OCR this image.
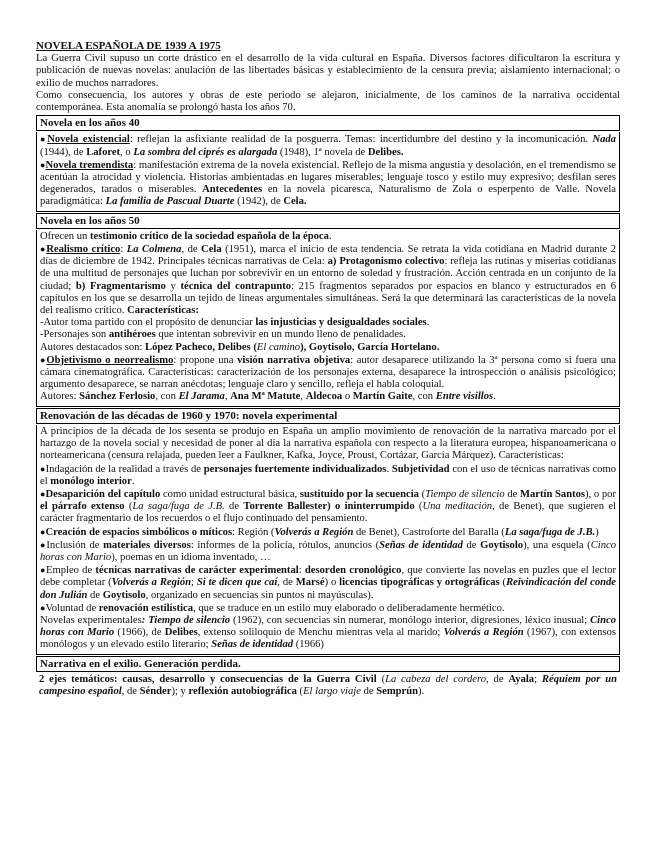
NOVELA ESPAÑOLA DE 1939 A 1975

La Guerra Civil supuso un corte drástico en el desarrollo de la vida cultural en España. Diversos factores dificultaron la escritura y publicación de nuevas novelas: anulación de las libertades básicas y establecimiento de la censura previa; aislamiento internacional; o exilio de muchos narradores.

Como consecuencia, los autores y obras de este periodo se alejaron, inicialmente, de los caminos de la narrativa occidental contemporánea. Esta anomalía se prolongó hasta los años 70.

Novela en los años 40

●Novela existencial: reflejan la asfixiante realidad de la posguerra. Temas: incertidumbre del destino y la incomunicación. Nada (1944), de Laforet, o La sombra del ciprés es alargada (1948), 1ª novela de Delibes.

●Novela tremendista: manifestación extrema de la novela existencial. Reflejo de la misma angustia y desolación, en el tremendismo se acentúan la atrocidad y violencia. Historias ambientadas en lugares miserables; lenguaje tosco y estilo muy expresivo; desfilan seres degenerados, tarados o miserables. Antecedentes en la novela picaresca, Naturalismo de Zola o esperpento de Valle. Novela paradigmática: La familia de Pascual Duarte (1942), de Cela.

Novela en los años 50

Ofrecen un testimonio crítico de la sociedad española de la época.

●Realismo crítico: La Colmena, de Cela (1951), marca el inicio de esta tendencia. Se retrata la vida cotidiana en Madrid durante 2 días de diciembre de 1942. Principales técnicas narrativas de Cela: a) Protagonismo colectivo: refleja las rutinas y miserias cotidianas de una multitud de personajes que luchan por sobrevivir en un entorno de soledad y frustración. Acción centrada en un conjunto de la ciudad; b) Fragmentarismo y técnica del contrapunto: 215 fragmentos separados por espacios en blanco y estructurados en 6 capítulos en los que se desarrolla un tejido de líneas argumentales simultáneas. Será la que determinará las características de la novela del realismo crítico. Características:

-Autor toma partido con el propósito de denunciar las injusticias y desigualdades sociales.

-Personajes son antihéroes que intentan sobrevivir en un mundo lleno de penalidades.

Autores destacados son: López Pacheco, Delibes (El camino), Goytisolo, García Hortelano.

●Objetivismo o neorrealismo: propone una visión narrativa objetiva: autor desaparece utilizando la 3ª persona como si fuera una cámara cinematográfica. Características: caracterización de los personajes externa, desaparece la introspección o análisis psicológico; argumento desaparece, se narran anécdotas; lenguaje claro y sencillo, refleja el habla coloquial.

Autores: Sánchez Ferlosio, con El Jarama, Ana Mª Matute, Aldecoa o Martín Gaite, con Entre visillos.

Renovación de las décadas de 1960 y 1970: novela experimental

A principios de la década de los sesenta se produjo en España un amplio movimiento de renovación de la narrativa marcado por el hartazgo de la novela social y necesidad de poner al día la narrativa española con respecto a la literatura europea, hispanoamericana o norteamericana (censura relajada, pueden leer a Faulkner, Kafka, Joyce, Proust, Cortázar, García Márquez). Características:

●Indagación de la realidad a través de personajes fuertemente individualizados. Subjetividad con el uso de técnicas narrativas como el monólogo interior.

●Desaparición del capítulo como unidad estructural básica, sustituido por la secuencia (Tiempo de silencio de Martín Santos), o por el párrafo extenso (La saga/fuga de J.B. de Torrente Ballester) o ininterrumpido (Una meditación, de Benet), que sugieren el carácter fragmentario de los recuerdos o el flujo continuado del pensamiento.

●Creación de espacios simbólicos o míticos: Región (Volverás a Región de Benet), Castroforte del Baralla (La saga/fuga de J.B.)

●Inclusión de materiales diversos: informes de la policía, rótulos, anuncios (Señas de identidad de Goytisolo), una esquela (Cinco horas con Mario), poemas en un idioma inventado, …

●Empleo de técnicas narrativas de carácter experimental: desorden cronológico, que convierte las novelas en puzles que el lector debe completar (Volverás a Región; Si te dicen que caí, de Marsé) o licencias tipográficas y ortográficas (Reivindicación del conde don Julián de Goytisolo, organizado en secuencias sin puntos ni mayúsculas).

●Voluntad de renovación estilística, que se traduce en un estilo muy elaborado o deliberadamente hermético.

Novelas experimentales: Tiempo de silencio (1962), con secuencias sin numerar, monólogo interior, digresiones, léxico inusual; Cinco horas con Mario (1966), de Delibes, extenso soliloquio de Menchu mientras vela al marido; Volverás a Región (1967), con extensos monólogos y un elevado estilo literario; Señas de identidad (1966)

Narrativa en el exilio. Generación perdida.

2 ejes temáticos: causas, desarrollo y consecuencias de la Guerra Civil (La cabeza del cordero, de Ayala; Réquiem por un campesino español, de Sénder); y reflexión autobiográfica (El largo viaje de Semprún).
